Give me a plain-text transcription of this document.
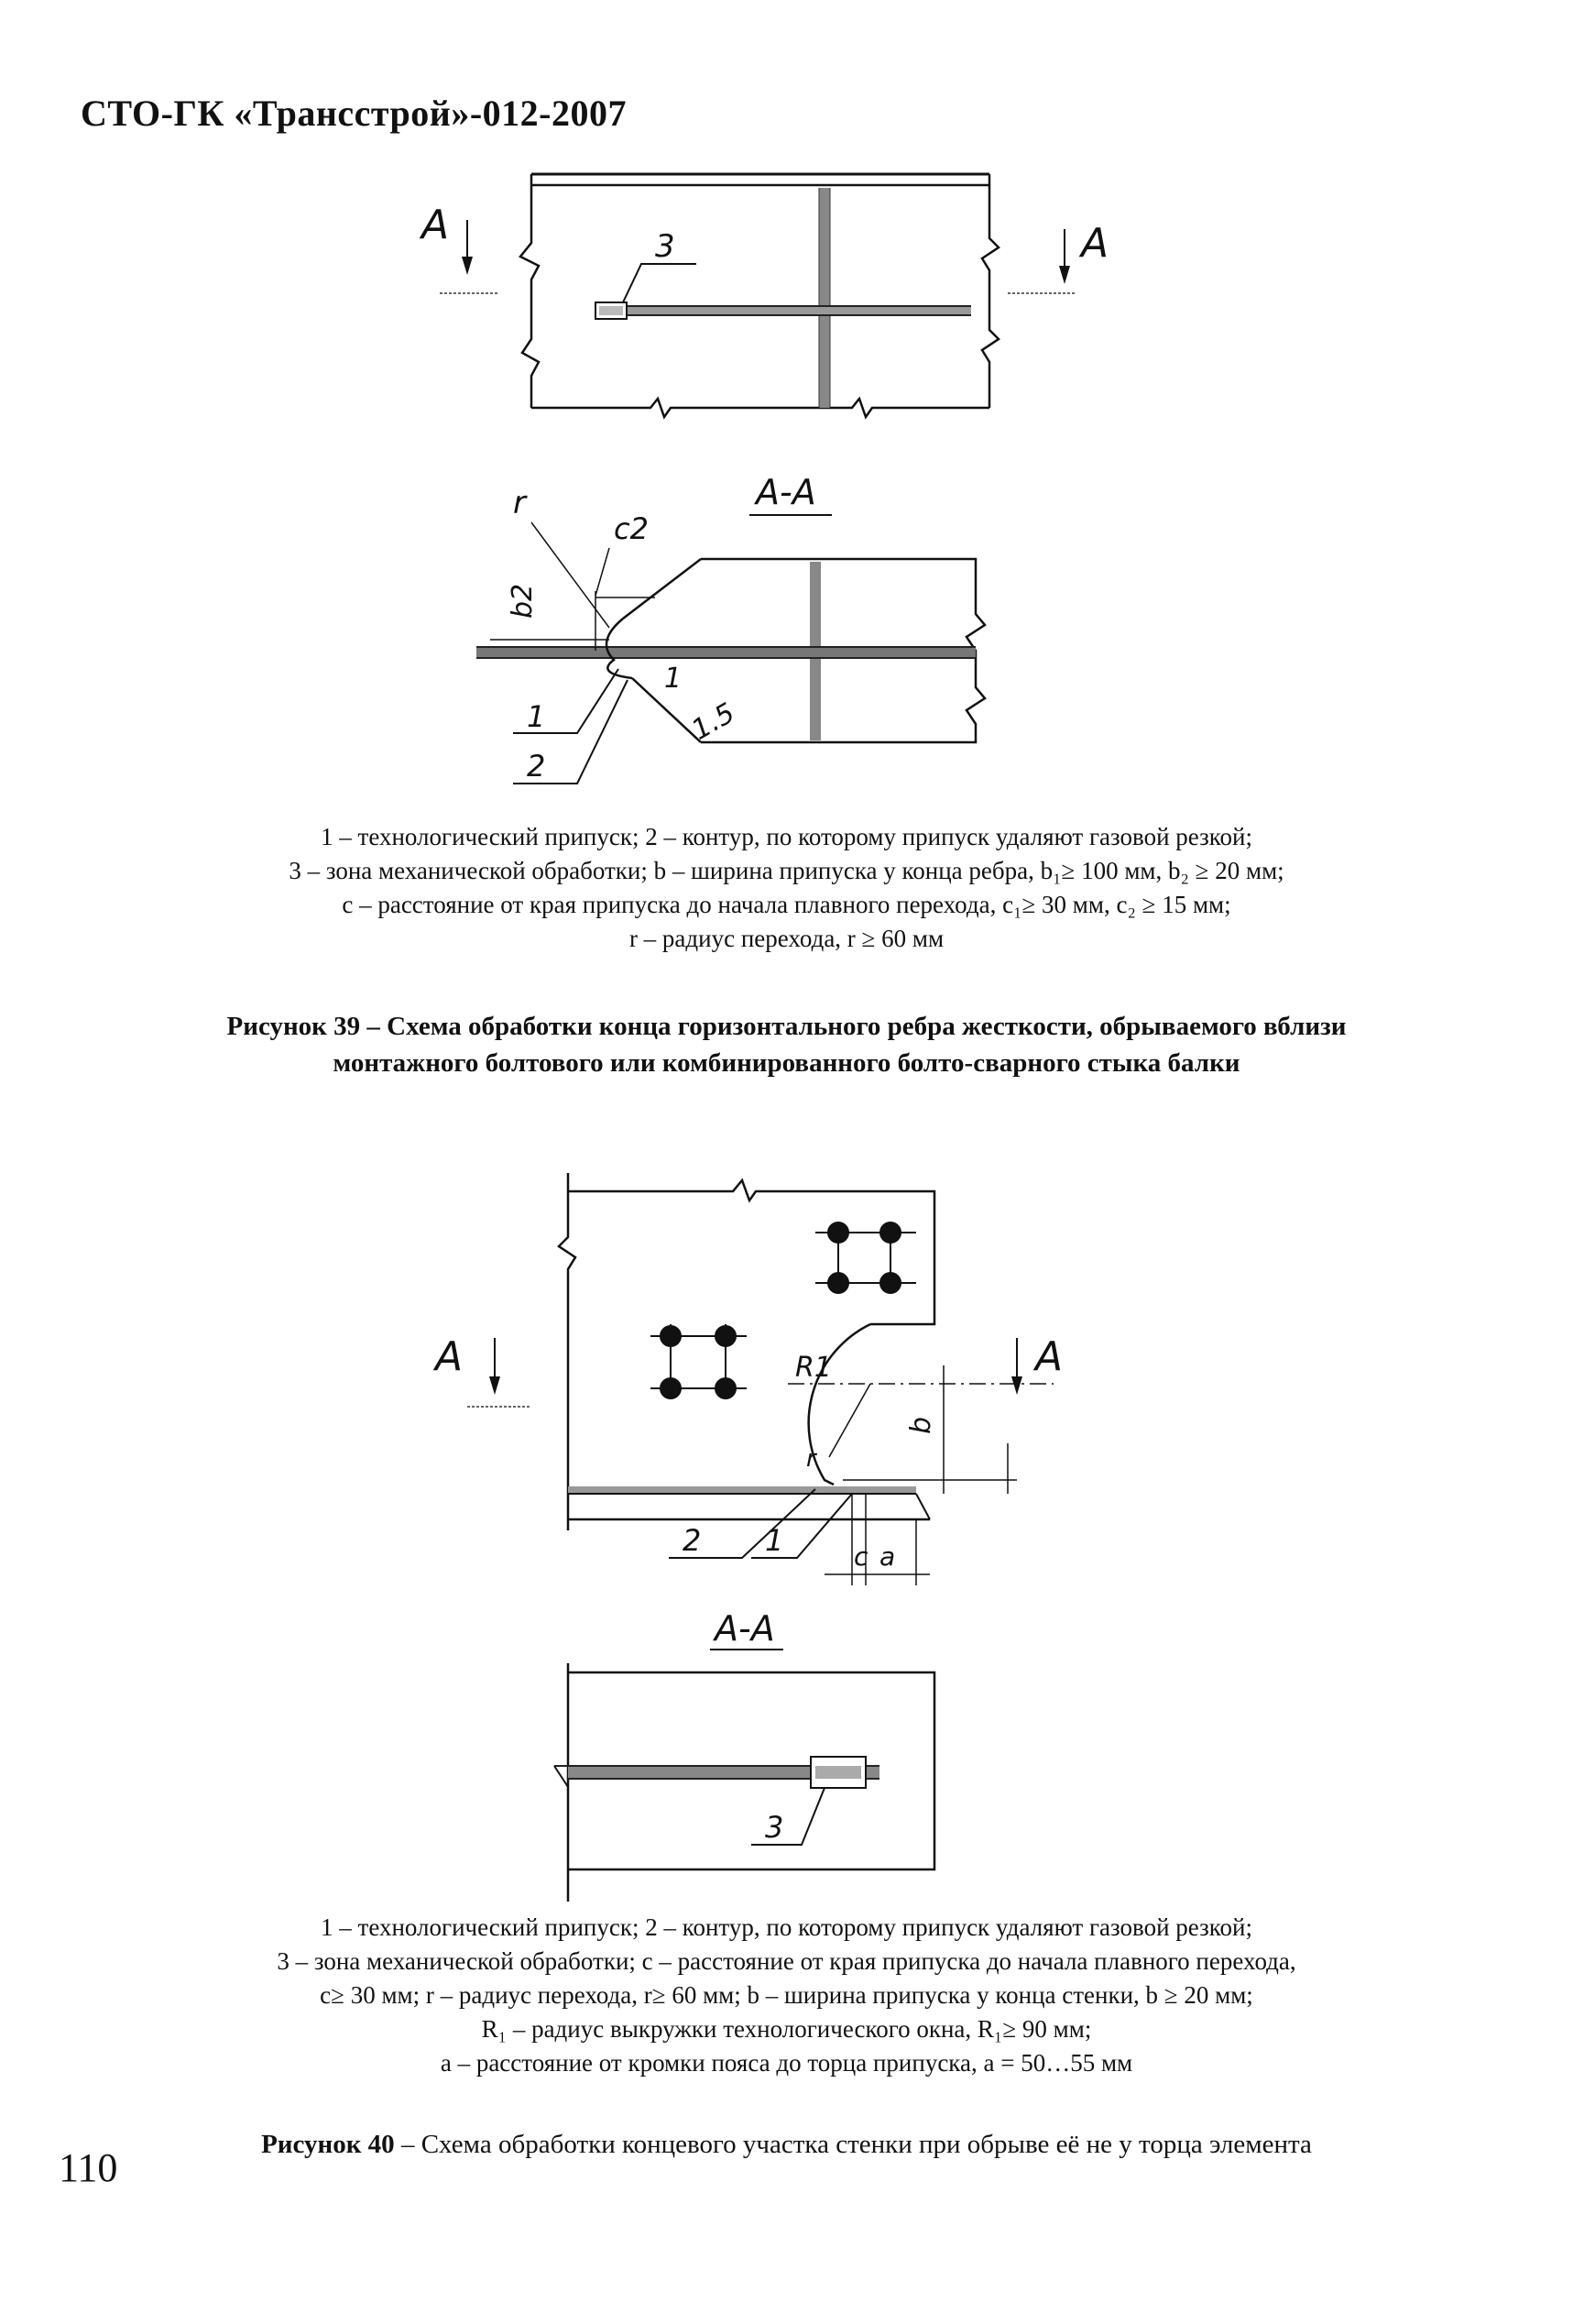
СТО-ГК «Трансстрой»-012-2007
3
A	A
A-A
c2
r
b2
1
1.5
1
2
1 – технологический припуск; 2 – контур, по которому припуск удаляют газовой резкой;
3 – зона механической обработки; b – ширина припуска у конца ребра, b₁≥ 100 мм, b₂ ≥ 20 мм;
c – расстояние от края припуска до начала плавного перехода, c₁≥ 30 мм, c₂ ≥ 15 мм;
r – радиус перехода, r ≥ 60 мм
Рисунок 39 – Схема обработки конца горизонтального ребра жесткости, обрываемого вблизи
монтажного болтового или комбинированного болто-сварного стыка балки
R1
b
r
2 1	c a
A	A
A-A
3
1 – технологический припуск; 2 – контур, по которому припуск удаляют газовой резкой;
3 – зона механической обработки; c – расстояние от края припуска до начала плавного перехода,
c≥ 30 мм; r – радиус перехода, r≥ 60 мм; b – ширина припуска у конца стенки, b ≥ 20 мм;
R₁ – радиус выкружки технологического окна, R₁≥ 90 мм;
a – расстояние от кромки пояса до торца припуска, a = 50…55 мм
Рисунок 40 – Схема обработки концевого участка стенки при обрыве её не у торца элемента
110
